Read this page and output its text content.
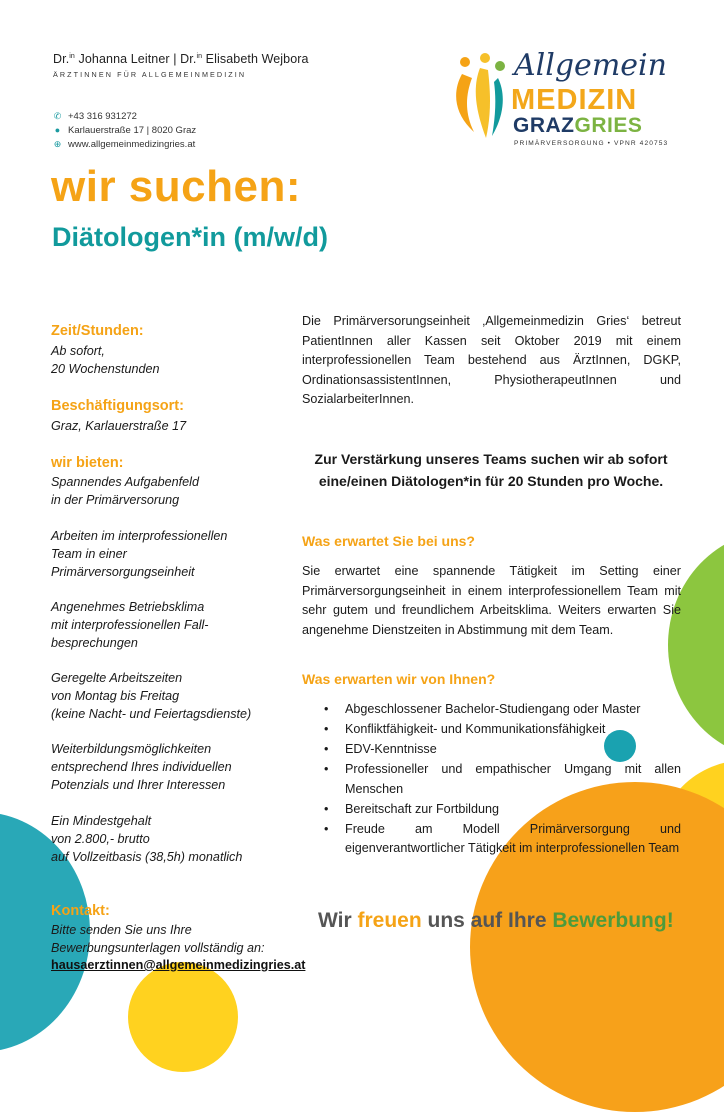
Dr.$^{in}$ Johanna Leitner | Dr.$^{in}$ Elisabeth Wejbora
ÄRZTINNEN FÜR ALLGEMEINMEDIZIN
✆ +43 316 931272
● Karlauerstraße 17 | 8020 Graz
⊕ www.allgemeinmedizingries.at
Allgemein
MEDIZIN
GRAZGRIES
PRIMÄRVERSORGUNG • VPNR 420753
wir suchen:
Diätologen*in (m/w/d)
Zeit/Stunden:
Ab sofort,
20 Wochenstunden
Beschäftigungsort:
Graz, Karlauerstraße 17
wir bieten:
Spannendes Aufgabenfeld
in der Primärversorung
Arbeiten im interprofessionellen
Team in einer
Primärversorgungseinheit
Angenehmes Betriebsklima
mit interprofessionellen Fall-
besprechungen
Geregelte Arbeitszeiten
von Montag bis Freitag
(keine Nacht- und Feiertagsdienste)
Weiterbildungsmöglichkeiten
entsprechend Ihres individuellen
Potenzials und Ihrer Interessen
Ein Mindestgehalt
von 2.800,- brutto
auf Vollzeitbasis (38,5h) monatlich
Kontakt:
Bitte senden Sie uns Ihre
Bewerbungsunterlagen vollständig an:
hausaerztinnen@allgemeinmedizingries.at
Die Primärversorungseinheit ‚Allgemeinmedizin Gries‘ betreut PatientInnen aller Kassen seit Oktober 2019 mit einem interprofessionellen Team bestehend aus ÄrztInnen, DGKP, OrdinationsassistentInnen, PhysiotherapeutInnen und SozialarbeiterInnen.
Zur Verstärkung unseres Teams suchen wir ab sofort
eine/einen Diätologen*in für 20 Stunden pro Woche.
Was erwartet Sie bei uns?
Sie erwartet eine spannende Tätigkeit im Setting einer Primärversorgungseinheit in einem interprofessionellem Team mit sehr gutem und freundlichem Arbeitsklima. Weiters erwarten Sie angenehme Dienstzeiten in Abstimmung mit dem Team.
Was erwarten wir von Ihnen?
• Abgeschlossener Bachelor-Studiengang oder Master
• Konfliktfähigkeit- und Kommunikationsfähigkeit
• EDV-Kenntnisse
• Professioneller und empathischer Umgang mit allen Menschen
• Bereitschaft zur Fortbildung
• Freude am Modell Primärversorgung und eigenverantwortlicher Tätigkeit im interprofessionellen Team
Wir freuen uns auf Ihre Bewerbung!
